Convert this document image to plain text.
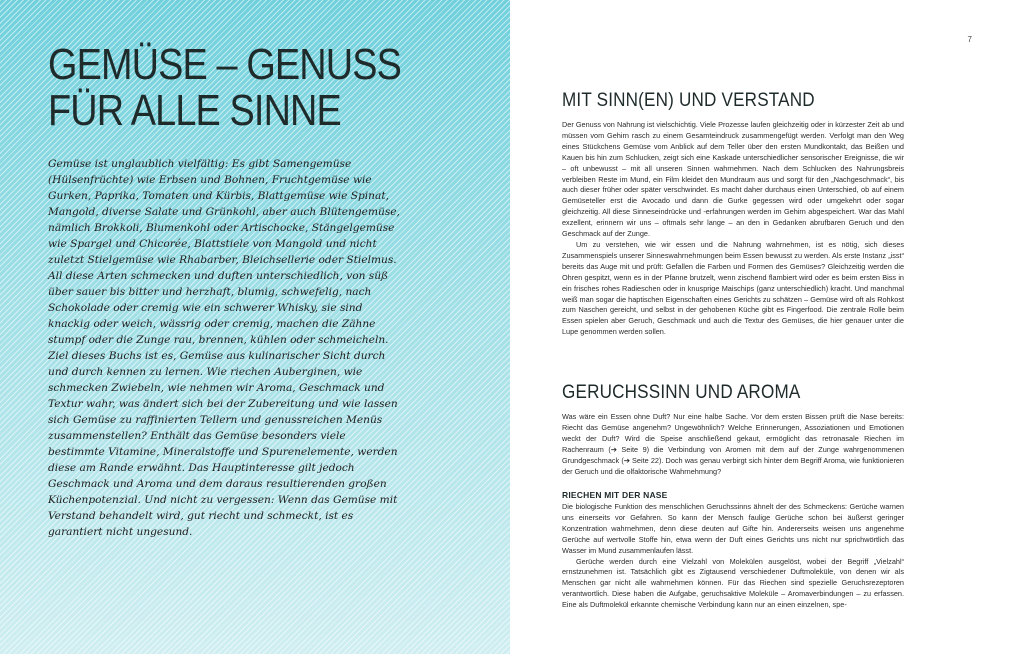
GEMÜSE – GENUSS
FÜR ALLE SINNE

Gemüse ist unglaublich vielfältig: Es gibt Samengemüse (Hülsenfrüchte) wie Erbsen und Bohnen, Fruchtgemüse wie Gurken, Paprika, Tomaten und Kürbis, Blattgemüse wie Spinat, Mangold, diverse Salate und Grünkohl, aber auch Blütengemüse, nämlich Brokkoli, Blumenkohl oder Artischocke, Stängelgemüse wie Spargel und Chicorée, Blattstiele von Mangold und nicht zuletzt Stielgemüse wie Rhabarber, Bleichsellerie oder Stielmus. All diese Arten schmecken und duften unterschiedlich, von süß über sauer bis bitter und herzhaft, blumig, schwefelig, nach Schokolade oder cremig wie ein schwerer Whisky, sie sind knackig oder weich, wässrig oder cremig, machen die Zähne stumpf oder die Zunge rau, brennen, kühlen oder schmeicheln.

Ziel dieses Buchs ist es, Gemüse aus kulinarischer Sicht durch und durch kennen zu lernen. Wie riechen Auberginen, wie schmecken Zwiebeln, wie nehmen wir Aroma, Geschmack und Textur wahr, was ändert sich bei der Zubereitung und wie lassen sich Gemüse zu raffinierten Tellern und genussreichen Menüs zusammenstellen? Enthält das Gemüse besonders viele bestimmte Vitamine, Mineralstoffe und Spurenelemente, werden diese am Rande erwähnt. Das Hauptinteresse gilt jedoch Geschmack und Aroma und dem daraus resultierenden großen Küchenpotenzial. Und nicht zu vergessen: Wenn das Gemüse mit Verstand behandelt wird, gut riecht und schmeckt, ist es garantiert nicht ungesund.

7
MIT SINN(EN) UND VERSTAND

Der Genuss von Nahrung ist vielschichtig. Viele Prozesse laufen gleichzeitig oder in kürzester Zeit ab und müssen vom Gehirn rasch zu einem Gesamteindruck zusammengefügt werden. Verfolgt man den Weg eines Stückchens Gemüse vom Anblick auf dem Teller über den ersten Mundkontakt, das Beißen und Kauen bis hin zum Schlucken, zeigt sich eine Kaskade unterschiedlicher sensorischer Ereignisse, die wir – oft unbewusst – mit all unseren Sinnen wahrnehmen. Nach dem Schlucken des Nahrungsbreis verbleiben Reste im Mund, ein Film kleidet den Mundraum aus und sorgt für den „Nachgeschmack“, bis auch dieser früher oder später verschwindet. Es macht daher durchaus einen Unterschied, ob auf einem Gemüseteller erst die Avocado und dann die Gurke gegessen wird oder umgekehrt oder sogar gleichzeitig. All diese Sinneseindrücke und -erfahrungen werden im Gehirn abgespeichert. War das Mahl exzellent, erinnern wir uns – oftmals sehr lange – an den in Gedanken abrufbaren Geruch und den Geschmack auf der Zunge.

Um zu verstehen, wie wir essen und die Nahrung wahrnehmen, ist es nötig, sich dieses Zusammenspiels unserer Sinneswahrnehmungen beim Essen bewusst zu werden. Als erste Instanz „isst“ bereits das Auge mit und prüft: Gefallen die Farben und Formen des Gemüses? Gleichzeitig werden die Ohren gespitzt, wenn es in der Pfanne brutzelt, wenn zischend flambiert wird oder es beim ersten Biss in ein frisches rohes Radieschen oder in knusprige Maischips (ganz unterschiedlich) kracht. Und manchmal weiß man sogar die haptischen Eigenschaften eines Gerichts zu schätzen – Gemüse wird oft als Rohkost zum Naschen gereicht, und selbst in der gehobenen Küche gibt es Fingerfood. Die zentrale Rolle beim Essen spielen aber Geruch, Geschmack und auch die Textur des Gemüses, die hier genauer unter die Lupe genommen werden sollen.

GERUCHSSINN UND AROMA

Was wäre ein Essen ohne Duft? Nur eine halbe Sache. Vor dem ersten Bissen prüft die Nase bereits: Riecht das Gemüse angenehm? Ungewöhnlich? Welche Erinnerungen, Assoziationen und Emotionen weckt der Duft? Wird die Speise anschließend gekaut, ermöglicht das retronasale Riechen im Rachenraum (➔ Seite 9) die Verbindung von Aromen mit dem auf der Zunge wahrgenommenen Grundgeschmack (➔ Seite 22). Doch was genau verbirgt sich hinter dem Begriff Aroma, wie funktionieren der Geruch und die olfaktorische Wahrnehmung?

RIECHEN MIT DER NASE

Die biologische Funktion des menschlichen Geruchssinns ähnelt der des Schmeckens: Gerüche warnen uns einerseits vor Gefahren. So kann der Mensch faulige Gerüche schon bei äußerst geringer Konzentration wahrnehmen, denn diese deuten auf Gifte hin. Andererseits weisen uns angenehme Gerüche auf wertvolle Stoffe hin, etwa wenn der Duft eines Gerichts uns nicht nur sprichwörtlich das Wasser im Mund zusammenlaufen lässt.

Gerüche werden durch eine Vielzahl von Molekülen ausgelöst, wobei der Begriff „Vielzahl“ ernstzunehmen ist. Tatsächlich gibt es Zigtausend verschiedener Duftmoleküle, von denen wir als Menschen gar nicht alle wahrnehmen können. Für das Riechen sind spezielle Geruchsrezeptoren verantwortlich. Diese haben die Aufgabe, geruchsaktive Moleküle – Aromaverbindungen – zu erfassen. Eine als Duftmolekül erkannte chemische Verbindung kann nur an einen einzelnen, spe-
